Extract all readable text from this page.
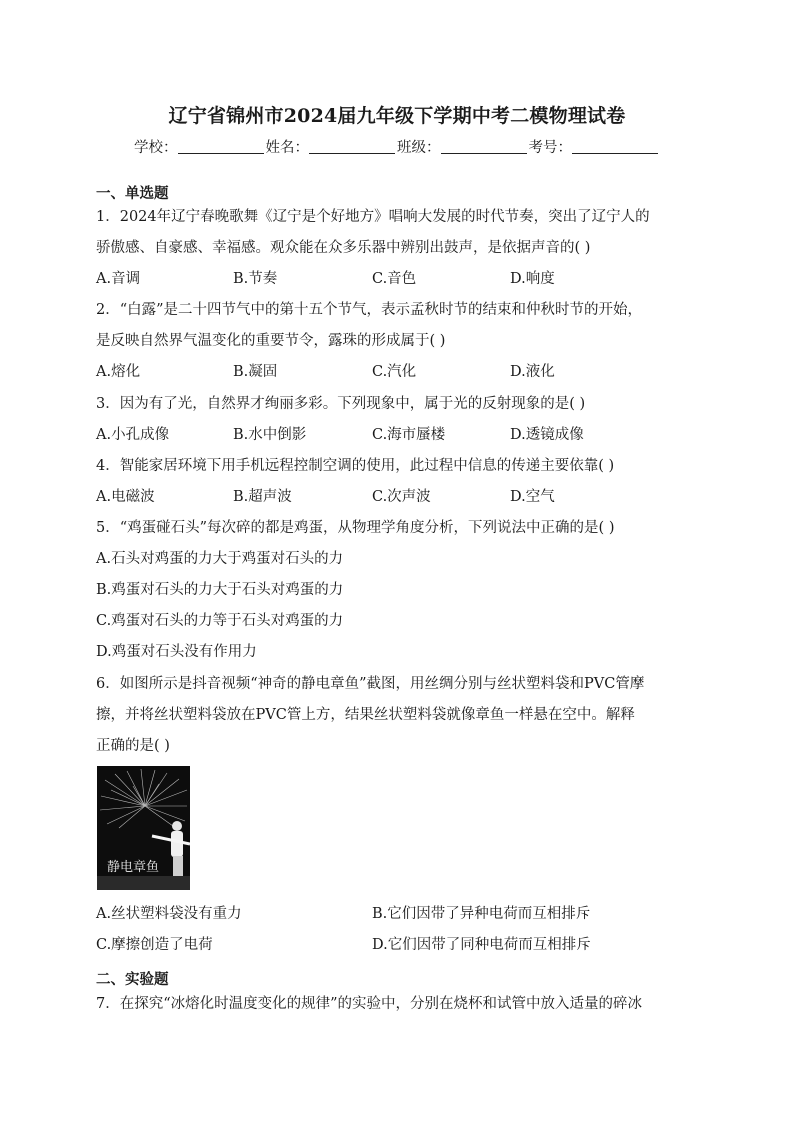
辽宁省锦州市2024届九年级下学期中考二模物理试卷
学校：	姓名：	班级：	考号：
一、单选题
1．2024年辽宁春晚歌舞《辽宁是个好地方》唱响大发展的时代节奏，突出了辽宁人的
骄傲感、自豪感、幸福感。观众能在众多乐器中辨别出鼓声，是依据声音的( )
A.音调	B.节奏	C.音色	D.响度
2．“白露”是二十四节气中的第十五个节气，表示孟秋时节的结束和仲秋时节的开始，
是反映自然界气温变化的重要节令，露珠的形成属于( )
A.熔化	B.凝固	C.汽化	D.液化
3．因为有了光，自然界才绚丽多彩。下列现象中，属于光的反射现象的是( )
A.小孔成像	B.水中倒影	C.海市蜃楼	D.透镜成像
4．智能家居环境下用手机远程控制空调的使用，此过程中信息的传递主要依靠( )
A.电磁波	B.超声波	C.次声波	D.空气
5．“鸡蛋碰石头”每次碎的都是鸡蛋，从物理学角度分析，下列说法中正确的是( )
A.石头对鸡蛋的力大于鸡蛋对石头的力
B.鸡蛋对石头的力大于石头对鸡蛋的力
C.鸡蛋对石头的力等于石头对鸡蛋的力
D.鸡蛋对石头没有作用力
6．如图所示是抖音视频“神奇的静电章鱼”截图，用丝绸分别与丝状塑料袋和PVC管摩
擦，并将丝状塑料袋放在PVC管上方，结果丝状塑料袋就像章鱼一样悬在空中。解释
正确的是( )
静电章鱼
A.丝状塑料袋没有重力	B.它们因带了异种电荷而互相排斥
C.摩擦创造了电荷	D.它们因带了同种电荷而互相排斥
二、实验题
7．在探究“冰熔化时温度变化的规律”的实验中，分别在烧杯和试管中放入适量的碎冰
